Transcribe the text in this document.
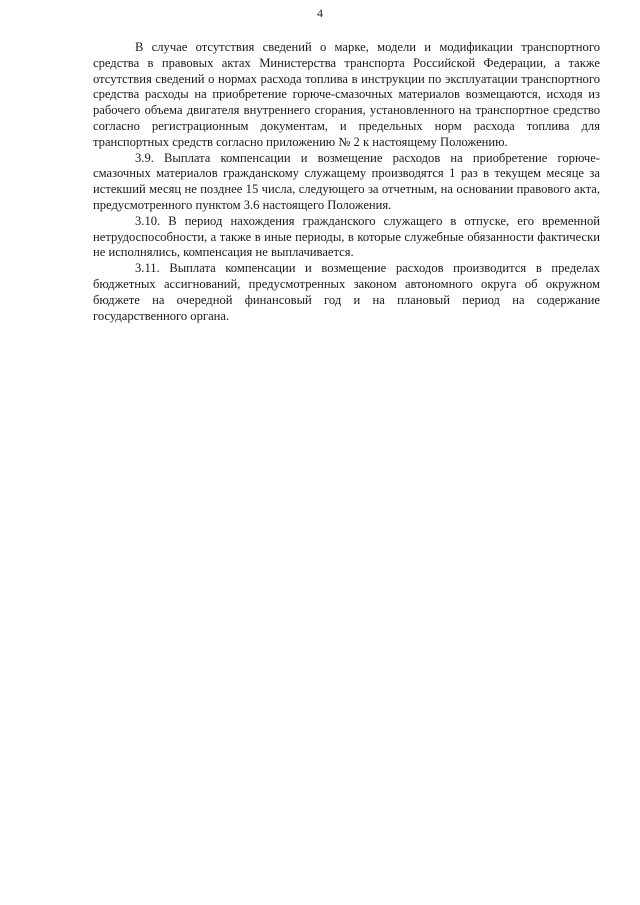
4

В случае отсутствия сведений о марке, модели и модификации транспортного средства в правовых актах Министерства транспорта Российской Федерации, а также отсутствия сведений о нормах расхода топлива в инструкции по эксплуатации транспортного средства расходы на приобретение горюче-смазочных материалов возмещаются, исходя из рабочего объема двигателя внутреннего сгорания, установленного на транспортное средство согласно регистрационным документам, и предельных норм расхода топлива для транспортных средств согласно приложению № 2 к настоящему Положению.

3.9. Выплата компенсации и возмещение расходов на приобретение горюче-смазочных материалов гражданскому служащему производятся 1 раз в текущем месяце за истекший месяц не позднее 15 числа, следующего за отчетным, на основании правового акта, предусмотренного пунктом 3.6 настоящего Положения.

3.10. В период нахождения гражданского служащего в отпуске, его временной нетрудоспособности, а также в иные периоды, в которые служебные обязанности фактически не исполнялись, компенсация не выплачивается.

3.11. Выплата компенсации и возмещение расходов производится в пределах бюджетных ассигнований, предусмотренных законом автономного округа об окружном бюджете на очередной финансовый год и на плановый период на содержание государственного органа.
